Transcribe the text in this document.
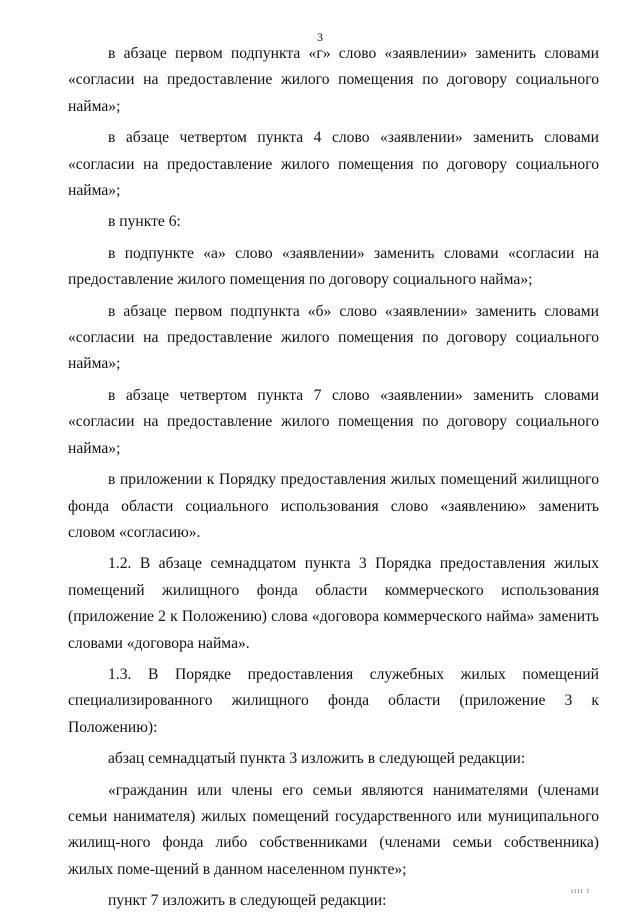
3

в абзаце первом подпункта «г» слово «заявлении» заменить словами «согласии на предоставление жилого помещения по договору социального найма»;

в абзаце четвертом пункта 4 слово «заявлении» заменить словами «согласии на предоставление жилого помещения по договору социального найма»;

в пункте 6:

в подпункте «а» слово «заявлении» заменить словами «согласии на предоставление жилого помещения по договору социального найма»;

в абзаце первом подпункта «б» слово «заявлении» заменить словами «согласии на предоставление жилого помещения по договору социального найма»;

в абзаце четвертом пункта 7 слово «заявлении» заменить словами «согласии на предоставление жилого помещения по договору социального найма»;

в приложении к Порядку предоставления жилых помещений жилищного фонда области социального использования слово «заявлению» заменить словом «согласию».

1.2. В абзаце семнадцатом пункта 3 Порядка предоставления жилых помещений жилищного фонда области коммерческого использования (приложение 2 к Положению) слова «договора коммерческого найма» заменить словами «договора найма».

1.3. В Порядке предоставления служебных жилых помещений специализированного жилищного фонда области (приложение 3 к Положению):

абзац семнадцатый пункта 3 изложить в следующей редакции:

«гражданин или члены его семьи являются нанимателями (членами семьи нанимателя) жилых помещений государственного или муниципального жилищ-ного фонда либо собственниками (членами семьи собственника) жилых поме-щений в данном населенном пункте»;

пункт 7 изложить в следующей редакции:

ıııı ı
